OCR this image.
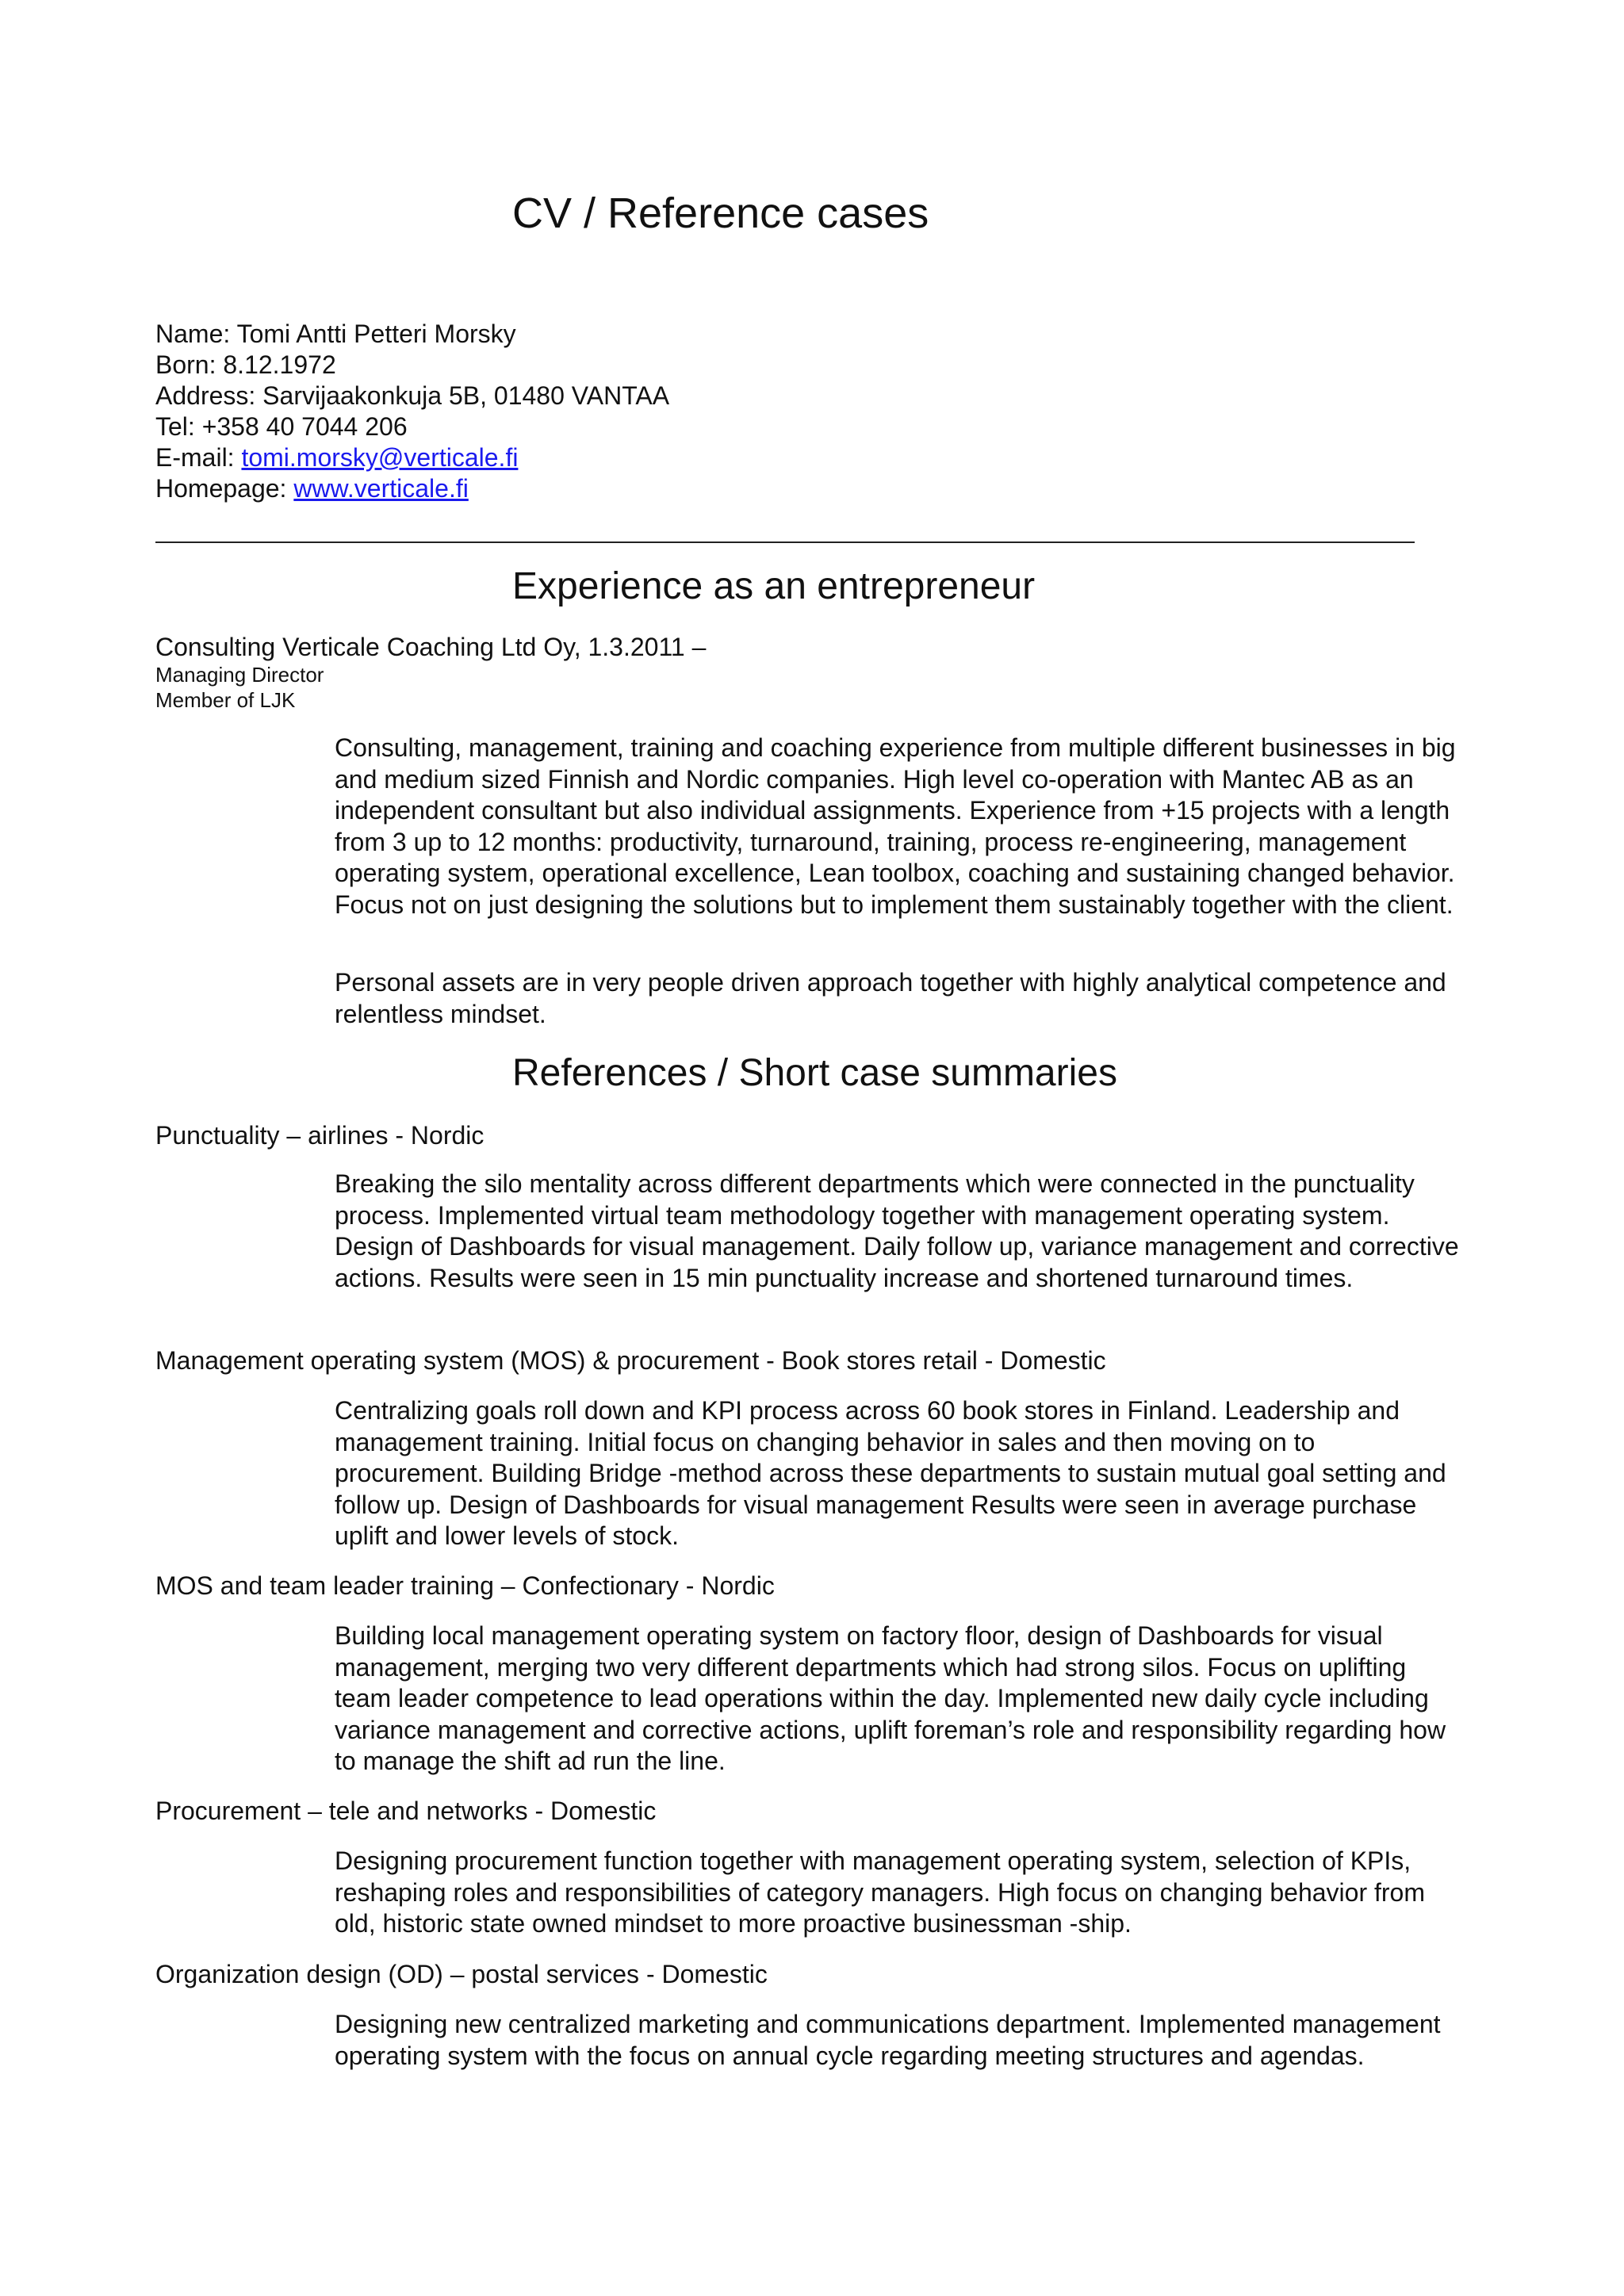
CV / Reference cases
Name: Tomi Antti Petteri Morsky
Born: 8.12.1972
Address: Sarvijaakonkuja 5B, 01480 VANTAA
Tel: +358 40 7044 206
E-mail: tomi.morsky@verticale.fi
Homepage: www.verticale.fi
Experience as an entrepreneur
Consulting Verticale Coaching Ltd Oy, 1.3.2011 –
Managing Director
Member of LJK

Consulting, management, training and coaching experience from multiple different businesses in big and medium sized Finnish and Nordic companies. High level co-operation with Mantec AB as an independent consultant but also individual assignments. Experience from +15 projects with a length from 3 up to 12 months: productivity, turnaround, training, process re-engineering, management operating system, operational excellence, Lean toolbox, coaching and sustaining changed behavior. Focus not on just designing the solutions but to implement them sustainably together with the client.

Personal assets are in very people driven approach together with highly analytical competence and relentless mindset.

References / Short case summaries
Punctuality – airlines - Nordic

Breaking the silo mentality across different departments which were connected in the punctuality process. Implemented virtual team methodology together with management operating system. Design of Dashboards for visual management. Daily follow up, variance management and corrective actions. Results were seen in 15 min punctuality increase and shortened turnaround times.

Management operating system (MOS) & procurement - Book stores retail - Domestic

Centralizing goals roll down and KPI process across 60 book stores in Finland. Leadership and management training. Initial focus on changing behavior in sales and then moving on to procurement. Building Bridge -method across these departments to sustain mutual goal setting and follow up. Design of Dashboards for visual management Results were seen in average purchase uplift and lower levels of stock.

MOS and team leader training – Confectionary - Nordic

Building local management operating system on factory floor, design of Dashboards for visual management, merging two very different departments which had strong silos. Focus on uplifting team leader competence to lead operations within the day. Implemented new daily cycle including variance management and corrective actions, uplift foreman’s role and responsibility regarding how to manage the shift ad run the line.

Procurement – tele and networks - Domestic

Designing procurement function together with management operating system, selection of KPIs, reshaping roles and responsibilities of category managers. High focus on changing behavior from old, historic state owned mindset to more proactive businessman -ship.

Organization design (OD) – postal services - Domestic

Designing new centralized marketing and communications department. Implemented management operating system with the focus on annual cycle regarding meeting structures and agendas.
